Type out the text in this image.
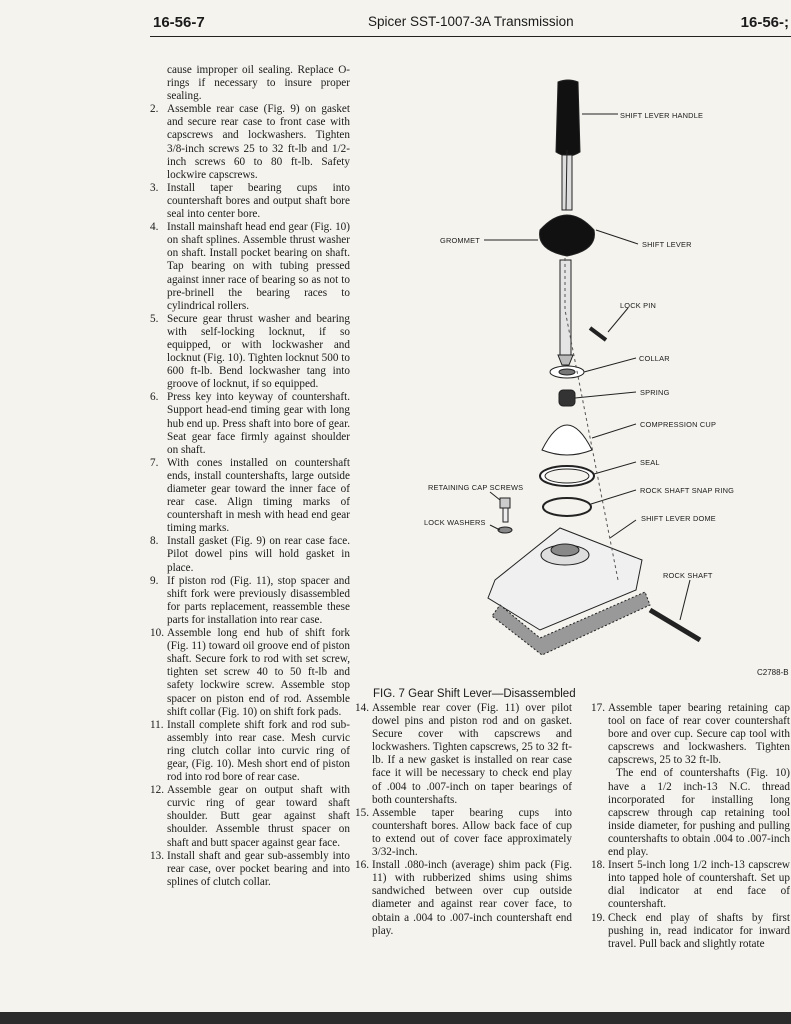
16-56-7	Spicer SST-1007-3A Transmission	16-56-;

cause improper oil sealing. Replace O-rings if necessary to insure proper sealing.

2. Assemble rear case (Fig. 9) on gasket and secure rear case to front case with capscrews and lockwashers. Tighten 3/8-inch screws 25 to 32 ft-lb and 1/2-inch screws 60 to 80 ft-lb. Safety lockwire capscrews.
3. Install taper bearing cups into countershaft bores and output shaft bore seal into center bore.
4. Install mainshaft head end gear (Fig. 10) on shaft splines. Assemble thrust washer on shaft. Install pocket bearing on shaft. Tap bearing on with tubing pressed against inner race of bearing so as not to pre-brinell the bearing races to cylindrical rollers.
5. Secure gear thrust washer and bearing with self-locking locknut, if so equipped, or with lockwasher and locknut (Fig. 10). Tighten locknut 500 to 600 ft-lb. Bend lockwasher tang into groove of locknut, if so equipped.
6. Press key into keyway of countershaft. Support head-end timing gear with long hub end up. Press shaft into bore of gear. Seat gear face firmly against shoulder on shaft.
7. With cones installed on countershaft ends, install countershafts, large outside diameter gear toward the inner face of rear case. Align timing marks of countershaft in mesh with head end gear timing marks.
8. Install gasket (Fig. 9) on rear case face. Pilot dowel pins will hold gasket in place.
9. If piston rod (Fig. 11), stop spacer and shift fork were previously disassembled for parts replacement, reassemble these parts for installation into rear case.
10. Assemble long end hub of shift fork (Fig. 11) toward oil groove end of piston shaft. Secure fork to rod with set screw, tighten set screw 40 to 50 ft-lb and safety lockwire screw. Assemble stop spacer on piston end of rod. Assemble shift collar (Fig. 10) on shift fork pads.
11. Install complete shift fork and rod sub-assembly into rear case. Mesh curvic ring clutch collar into curvic ring of gear, (Fig. 10). Mesh short end of piston rod into rod bore of rear case.
12. Assemble gear on output shaft with curvic ring of gear toward shaft shoulder. Butt gear against shaft shoulder. Assemble thrust spacer on shaft and butt spacer against gear face.
13. Install shaft and gear sub-assembly into rear case, over pocket bearing and into splines of clutch collar.
SHIFT LEVER HANDLE
GROMMET	SHIFT LEVER
LOCK PIN
COLLAR
SPRING
COMPRESSION CUP
SEAL
RETAINING CAP SCREWS	ROCK SHAFT SNAP RING
LOCK WASHERS	SHIFT LEVER DOME
ROCK SHAFT
C2788-B
FIG. 7 Gear Shift Lever—Disassembled
14. Assemble rear cover (Fig. 11) over pilot dowel pins and piston rod and on gasket. Secure cover with capscrews and lockwashers. Tighten capscrews, 25 to 32 ft-lb. If a new gasket is installed on rear case face it will be necessary to check end play of .004 to .007-inch on taper bearings of both countershafts.
15. Assemble taper bearing cups into countershaft bores. Allow back face of cup to extend out of cover face approximately 3/32-inch.
16. Install .080-inch (average) shim pack (Fig. 11) with rubberized shims using shims sandwiched between over cup outside diameter and against rear cover face, to obtain a .004 to .007-inch countershaft end play.
17. Assemble taper bearing retaining cap tool on face of rear cover countershaft bore and over cup. Secure cap tool with capscrews and lockwashers. Tighten capscrews, 25 to 32 ft-lb.
The end of countershafts (Fig. 10) have a 1/2 inch-13 N.C. thread incorporated for installing long capscrew through cap retaining tool inside diameter, for pushing and pulling countershafts to obtain .004 to .007-inch end play.
18. Insert 5-inch long 1/2 inch-13 capscrew into tapped hole of countershaft. Set up dial indicator at end face of countershaft.
19. Check end play of shafts by first pushing in, read indicator for inward travel. Pull back and slightly rotate
